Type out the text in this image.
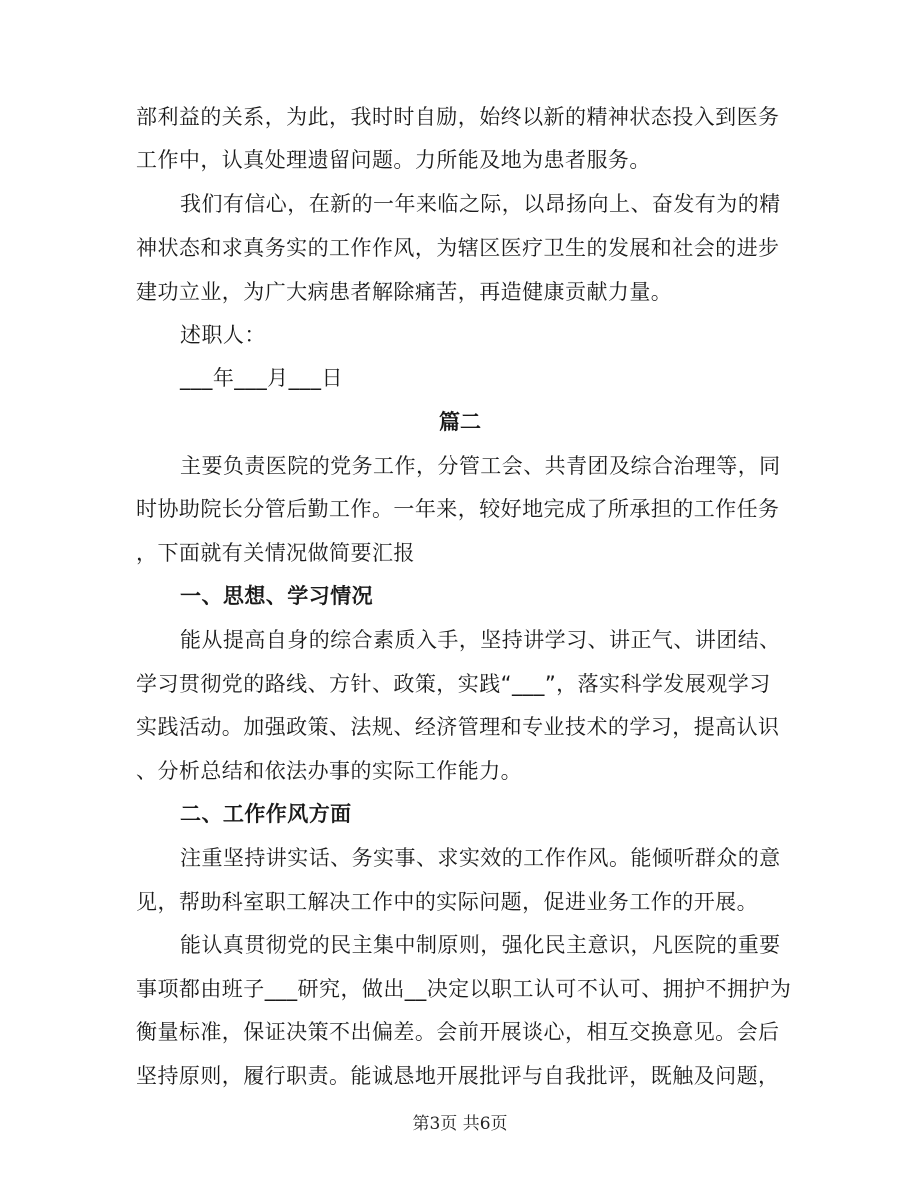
部利益的关系，为此，我时时自励，始终以新的精神状态投入到医务
工作中，认真处理遗留问题。力所能及地为患者服务。
我们有信心，在新的一年来临之际，以昂扬向上、奋发有为的精
神状态和求真务实的工作作风，为辖区医疗卫生的发展和社会的进步
建功立业，为广大病患者解除痛苦，再造健康贡献力量。
述职人：
___年___月___日
篇二
主要负责医院的党务工作，分管工会、共青团及综合治理等，同
时协助院长分管后勤工作。一年来，较好地完成了所承担的工作任务
，下面就有关情况做简要汇报
一、思想、学习情况
能从提高自身的综合素质入手，坚持讲学习、讲正气、讲团结、
学习贯彻党的路线、方针、政策，实践“___”，落实科学发展观学习
实践活动。加强政策、法规、经济管理和专业技术的学习，提高认识
、分析总结和依法办事的实际工作能力。
二、工作作风方面
注重坚持讲实话、务实事、求实效的工作作风。能倾听群众的意
见，帮助科室职工解决工作中的实际问题，促进业务工作的开展。
能认真贯彻党的民主集中制原则，强化民主意识，凡医院的重要
事项都由班子___研究，做出__决定以职工认可不认可、拥护不拥护为
衡量标准，保证决策不出偏差。会前开展谈心，相互交换意见。会后
坚持原则，履行职责。能诚恳地开展批评与自我批评，既触及问题，
第3页 共6页
